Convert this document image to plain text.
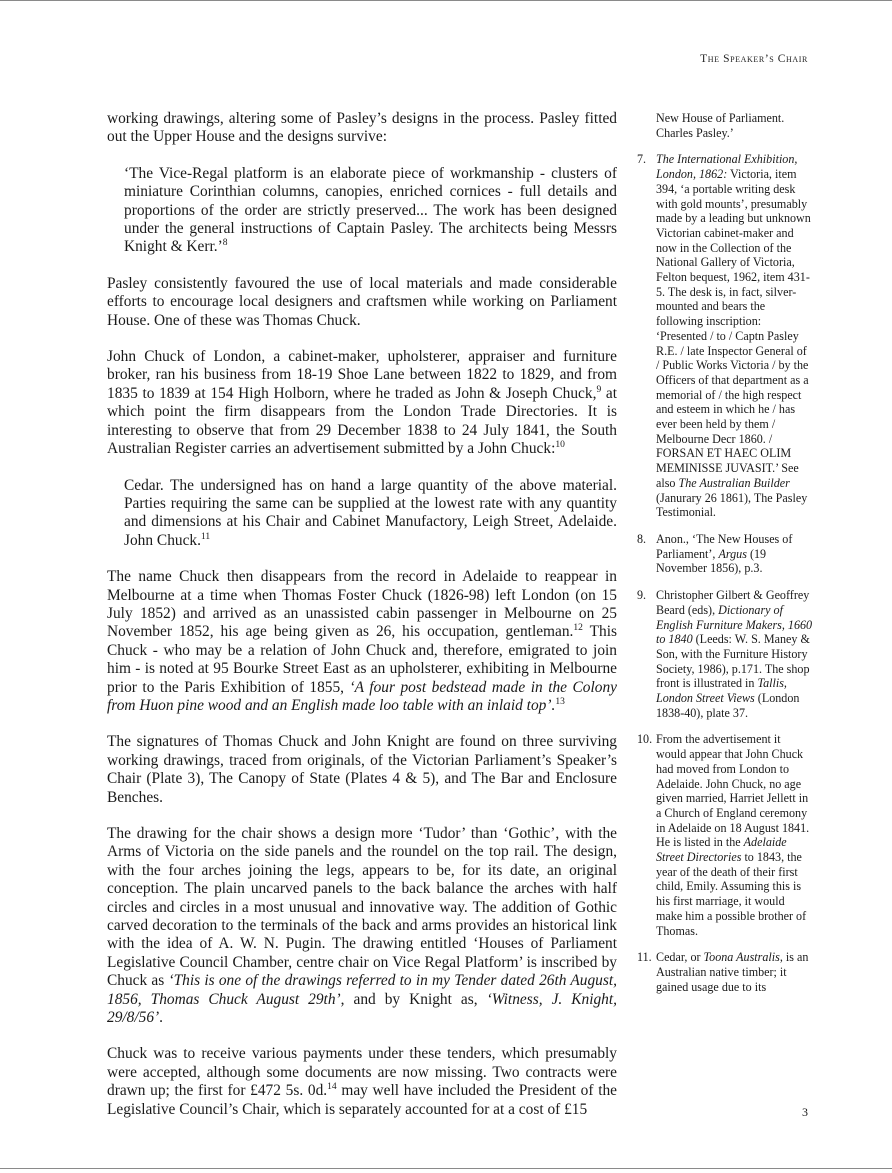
The Speaker’s Chair

working drawings, altering some of Pasley’s designs in the process. Pasley fitted out the Upper House and the designs survive:

‘The Vice-Regal platform is an elaborate piece of workmanship - clusters of miniature Corinthian columns, canopies, enriched cornices - full details and proportions of the order are strictly preserved... The work has been designed under the general instructions of Captain Pasley. The architects being Messrs Knight & Kerr.’$^8$

Pasley consistently favoured the use of local materials and made considerable efforts to encourage local designers and craftsmen while working on Parliament House. One of these was Thomas Chuck.

John Chuck of London, a cabinet-maker, upholsterer, appraiser and furniture broker, ran his business from 18-19 Shoe Lane between 1822 to 1829, and from 1835 to 1839 at 154 High Holborn, where he traded as John & Joseph Chuck,$^9$ at which point the firm disappears from the London Trade Directories. It is interesting to observe that from 29 December 1838 to 24 July 1841, the South Australian Register carries an advertisement submitted by a John Chuck:$^{10}$

Cedar. The undersigned has on hand a large quantity of the above material. Parties requiring the same can be supplied at the lowest rate with any quantity and dimensions at his Chair and Cabinet Manufactory, Leigh Street, Adelaide. John Chuck.$^{11}$

The name Chuck then disappears from the record in Adelaide to reappear in Melbourne at a time when Thomas Foster Chuck (1826-98) left London (on 15 July 1852) and arrived as an unassisted cabin passenger in Melbourne on 25 November 1852, his age being given as 26, his occupation, gentleman.$^{12}$ This Chuck - who may be a relation of John Chuck and, therefore, emigrated to join him - is noted at 95 Bourke Street East as an upholsterer, exhibiting in Melbourne prior to the Paris Exhibition of 1855, ‘A four post bedstead made in the Colony from Huon pine wood and an English made loo table with an inlaid top’.$^{13}$

The signatures of Thomas Chuck and John Knight are found on three surviving working drawings, traced from originals, of the Victorian Parliament’s Speaker’s Chair (Plate 3), The Canopy of State (Plates 4 & 5), and The Bar and Enclosure Benches.

The drawing for the chair shows a design more ‘Tudor’ than ‘Gothic’, with the Arms of Victoria on the side panels and the roundel on the top rail. The design, with the four arches joining the legs, appears to be, for its date, an original conception. The plain uncarved panels to the back balance the arches with half circles and circles in a most unusual and innovative way. The addition of Gothic carved decoration to the terminals of the back and arms provides an historical link with the idea of A. W. N. Pugin. The drawing entitled ‘Houses of Parliament Legislative Council Chamber, centre chair on Vice Regal Platform’ is inscribed by Chuck as ‘This is one of the drawings referred to in my Tender dated 26th August, 1856, Thomas Chuck August 29th’, and by Knight as, ‘Witness, J. Knight, 29/8/56’.

Chuck was to receive various payments under these tenders, which presumably were accepted, although some documents are now missing. Two contracts were drawn up; the first for £472 5s. 0d.$^{14}$ may well have included the President of the Legislative Council’s Chair, which is separately accounted for at a cost of £15

New House of Parliament. Charles Pasley.’
7. The International Exhibition, London, 1862: Victoria, item 394, ‘a portable writing desk with gold mounts’, presumably made by a leading but unknown Victorian cabinet-maker and now in the Collection of the National Gallery of Victoria, Felton bequest, 1962, item 431-5. The desk is, in fact, silver-mounted and bears the following inscription: ‘Presented / to / Captn Pasley R.E. / late Inspector General of / Public Works Victoria / by the Officers of that department as a memorial of / the high respect and esteem in which he / has ever been held by them / Melbourne Decr 1860. / FORSAN ET HAEC OLIM MEMINISSE JUVASIT.’ See also The Australian Builder (Janurary 26 1861), The Pasley Testimonial.
8. Anon., ‘The New Houses of Parliament’, Argus (19 November 1856), p.3.
9. Christopher Gilbert & Geoffrey Beard (eds), Dictionary of English Furniture Makers, 1660 to 1840 (Leeds: W. S. Maney & Son, with the Furniture History Society, 1986), p.171. The shop front is illustrated in Tallis, London Street Views (London 1838-40), plate 37.
10. From the advertisement it would appear that John Chuck had moved from London to Adelaide. John Chuck, no age given married, Harriet Jellett in a Church of England ceremony in Adelaide on 18 August 1841. He is listed in the Adelaide Street Directories to 1843, the year of the death of their first child, Emily. Assuming this is his first marriage, it would make him a possible brother of Thomas.
11. Cedar, or Toona Australis, is an Australian native timber; it gained usage due to its
3
